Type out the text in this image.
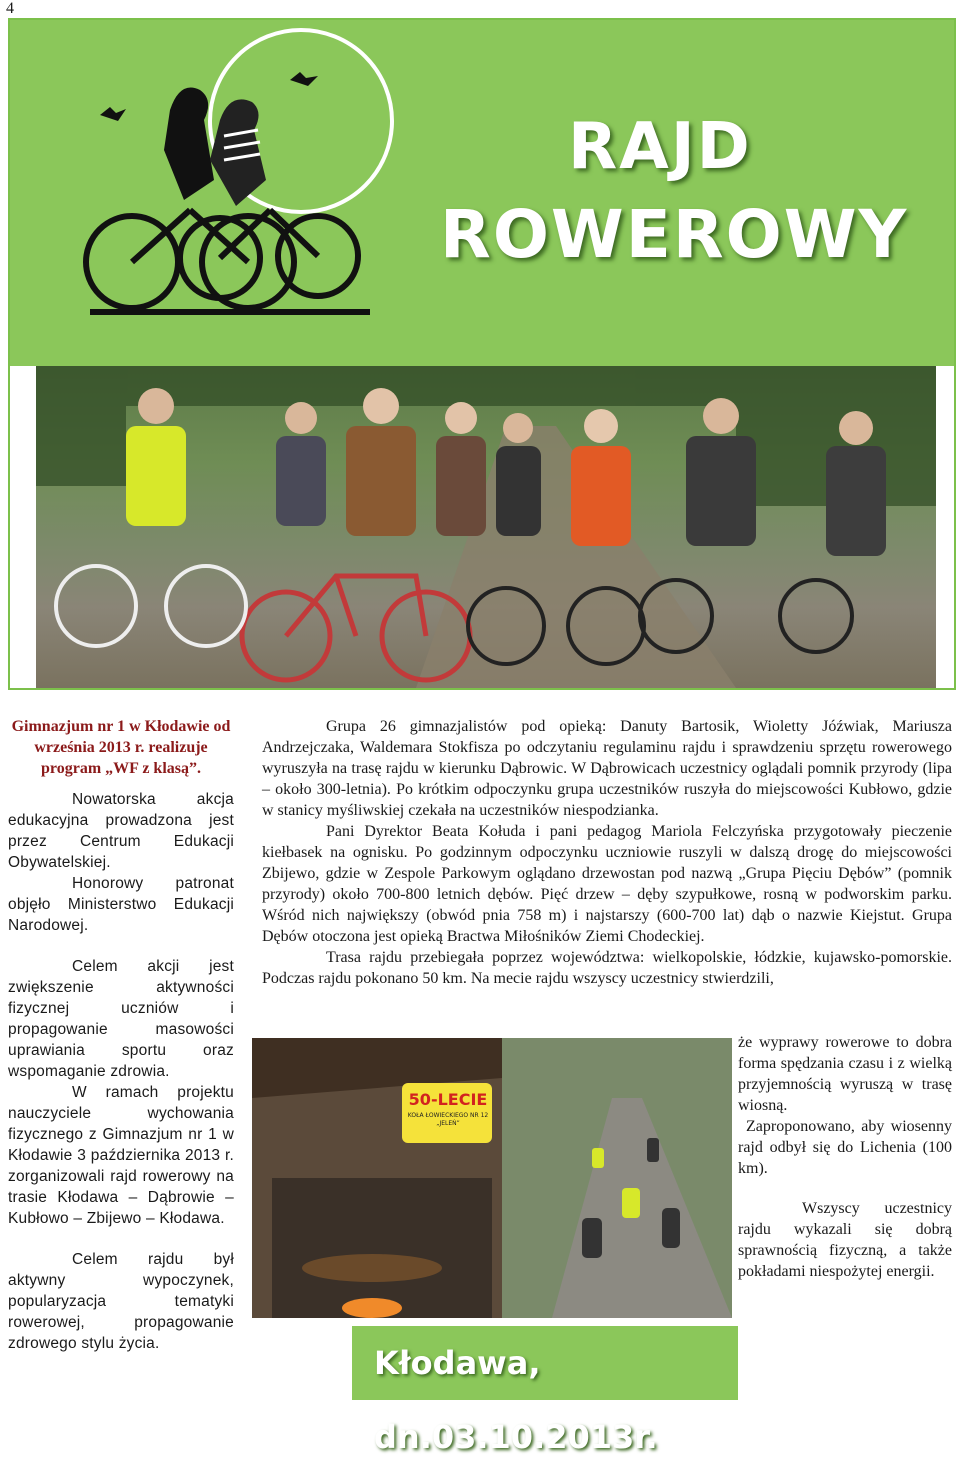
4
RAJD
ROWEROWY

Gimnazjum nr 1 w Kłodawie od września 2013 r. realizuje program „WF z klasą”.

Nowatorska akcja edukacyjna prowadzona jest przez Centrum Edukacji Obywatelskiej.

Honorowy patronat objęło Ministerstwo Edukacji Narodowej.

Celem akcji jest zwiększenie aktywności fizycznej uczniów i propagowanie masowości uprawiania sportu oraz wspomaganie zdrowia.

W ramach projektu nauczyciele wychowania fizycznego z Gimnazjum nr 1 w Kłodawie 3 października 2013 r. zorganizowali rajd rowerowy na trasie Kłodawa – Dąbrowie – Kubłowo – Zbijewo – Kłodawa.

Celem rajdu był aktywny wypoczynek, popularyzacja tematyki rowerowej, propagowanie zdrowego stylu życia.

Grupa 26 gimnazjalistów pod opieką: Danuty Bartosik, Wioletty Jóźwiak, Mariusza Andrzejczaka, Waldemara Stokfisza po odczytaniu regulaminu rajdu i sprawdzeniu sprzętu rowerowego wyruszyła na trasę rajdu w kierunku Dąbrowic. W Dąbrowicach uczestnicy oglądali pomnik przyrody (lipa – około 300-letnia). Po krótkim odpoczynku grupa uczestników ruszyła do miejscowości Kubłowo, gdzie w stanicy myśliwskiej czekała na uczestników niespodzianka.

Pani Dyrektor Beata Kołuda i pani pedagog Mariola Felczyńska przygotowały pieczenie kiełbasek na ognisku. Po godzinnym odpoczynku uczniowie ruszyli w dalszą drogę do miejscowości Zbijewo, gdzie w Zespole Parkowym oglądano drzewostan pod nazwą „Grupa Pięciu Dębów” (pomnik przyrody) około 700-800 letnich dębów. Pięć drzew – dęby szypułkowe, rosną w podworskim parku. Wśród nich największy (obwód pnia 758 m) i najstarszy (600-700 lat) dąb o nazwie Kiejstut. Grupa Dębów otoczona jest opieką Bractwa Miłośników Ziemi Chodeckiej.

Trasa rajdu przebiegała poprzez województwa: wielkopolskie, łódzkie, kujawsko-pomorskie. Podczas rajdu pokonano 50 km. Na mecie rajdu wszyscy uczestnicy stwierdzili,

że wyprawy rowerowe to dobra forma spędzania czasu i z wielką przyjemnością wyruszą w trasę wiosną.

Zaproponowano, aby wiosenny rajd odbył się do Lichenia (100 km).

Wszyscy uczestnicy rajdu wykazali się dobrą sprawnością fizyczną, a także pokładami niespożytej energii.

50-LECIE
KOŁA ŁOWIECKIEGO NR 12 „JELEŃ”
Kłodawa, dn.03.10.2013r.
